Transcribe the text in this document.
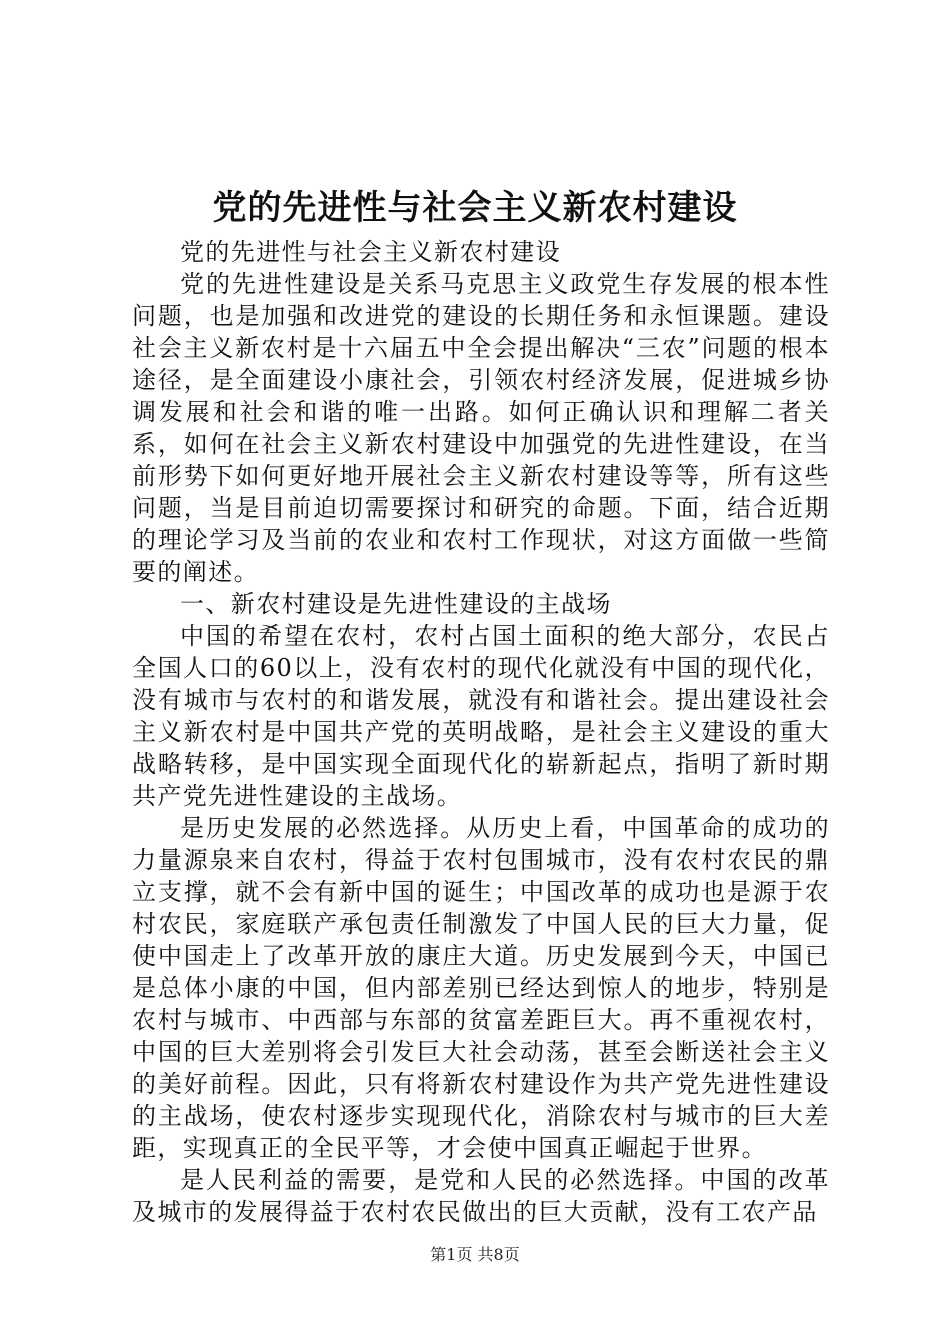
党的先进性与社会主义新农村建设

党的先进性与社会主义新农村建设

党的先进性建设是关系马克思主义政党生存发展的根本性问题，也是加强和改进党的建设的长期任务和永恒课题。建设社会主义新农村是十六届五中全会提出解决“三农”问题的根本途径，是全面建设小康社会，引领农村经济发展，促进城乡协调发展和社会和谐的唯一出路。如何正确认识和理解二者关系，如何在社会主义新农村建设中加强党的先进性建设，在当前形势下如何更好地开展社会主义新农村建设等等，所有这些问题，当是目前迫切需要探讨和研究的命题。下面，结合近期的理论学习及当前的农业和农村工作现状，对这方面做一些简要的阐述。

一、新农村建设是先进性建设的主战场

中国的希望在农村，农村占国土面积的绝大部分，农民占全国人口的60以上，没有农村的现代化就没有中国的现代化，没有城市与农村的和谐发展，就没有和谐社会。提出建设社会主义新农村是中国共产党的英明战略，是社会主义建设的重大战略转移，是中国实现全面现代化的崭新起点，指明了新时期共产党先进性建设的主战场。

是历史发展的必然选择。从历史上看，中国革命的成功的力量源泉来自农村，得益于农村包围城市，没有农村农民的鼎立支撑，就不会有新中国的诞生；中国改革的成功也是源于农村农民，家庭联产承包责任制激发了中国人民的巨大力量，促使中国走上了改革开放的康庄大道。历史发展到今天，中国已是总体小康的中国，但内部差别已经达到惊人的地步，特别是农村与城市、中西部与东部的贫富差距巨大。再不重视农村，中国的巨大差别将会引发巨大社会动荡，甚至会断送社会主义的美好前程。因此，只有将新农村建设作为共产党先进性建设的主战场，使农村逐步实现现代化，消除农村与城市的巨大差距，实现真正的全民平等，才会使中国真正崛起于世界。

是人民利益的需要，是党和人民的必然选择。中国的改革及城市的发展得益于农村农民做出的巨大贡献，没有工农产品

第1页 共8页
